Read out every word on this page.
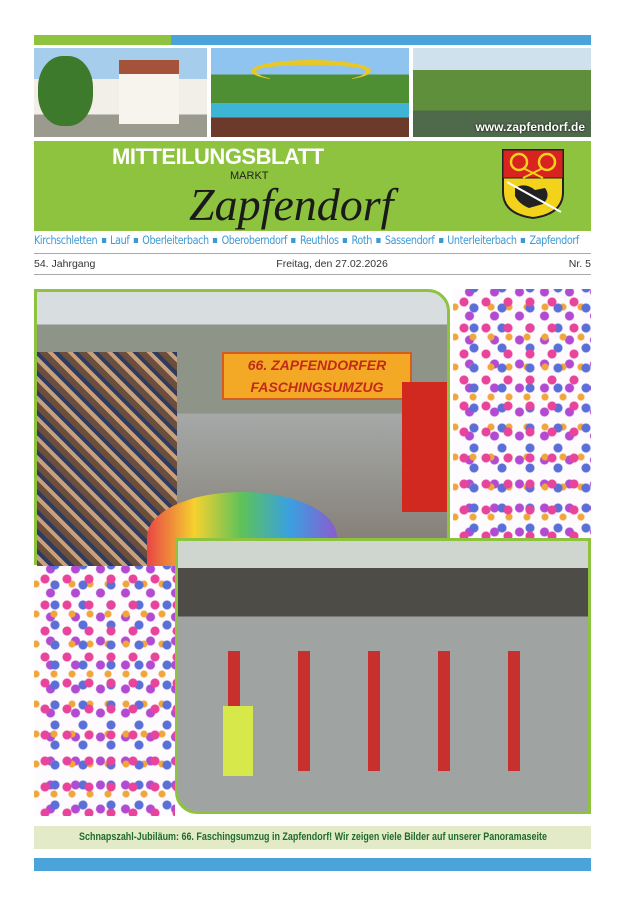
www.zapfendorf.de
MITTEILUNGSBLATT
MARKT
Zapfendorf
Kirchschletten Lauf Oberleiterbach Oberoberndorf Reuthlos Roth Sassendorf Unterleiterbach Zapfendorf
54. Jahrgang	Freitag, den 27.02.2026	Nr. 5
66. ZAPFENDORFER
FASCHINGSUMZUG
Schnapszahl-Jubiläum: 66. Faschingsumzug in Zapfendorf! Wir zeigen viele Bilder auf unserer Panoramaseite
